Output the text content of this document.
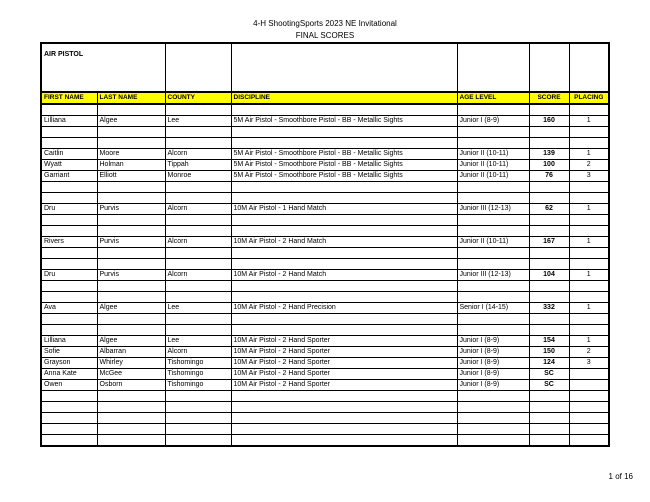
4-H ShootingSports 2023 NE Invitational
FINAL SCORES
AIR PISTOL						
FIRST NAME	LAST NAME	COUNTY	DISCIPLINE	AGE LEVEL	SCORE	PLACING

Lilliana	Algee	Lee	5M Air Pistol - Smoothbore Pistol - BB - Metallic Sights	Junior I (8-9)	160	1

Caitlin	Moore	Alcorn	5M Air Pistol - Smoothbore Pistol - BB - Metallic Sights	Junior II (10-11)	139	1
Wyatt	Holman	Tippah	5M Air Pistol - Smoothbore Pistol - BB - Metallic Sights	Junior II (10-11)	100	2
Garriant	Elliott	Monroe	5M Air Pistol - Smoothbore Pistol - BB - Metallic Sights	Junior II (10-11)	76	3

Dru	Purvis	Alcorn	10M Air Pistol - 1 Hand Match	Junior III (12-13)	62	1

Rivers	Purvis	Alcorn	10M Air Pistol - 2 Hand Match	Junior II (10-11)	167	1

Dru	Purvis	Alcorn	10M Air Pistol - 2 Hand Match	Junior III (12-13)	104	1

Ava	Algee	Lee	10M Air Pistol - 2 Hand Precision	Senior I (14-15)	332	1

Lilliana	Algee	Lee	10M Air Pistol - 2 Hand Sporter	Junior I (8-9)	154	1
Sofie	Albarran	Alcorn	10M Air Pistol - 2 Hand Sporter	Junior I (8-9)	150	2
Grayson	Whirley	Tishomingo	10M Air Pistol - 2 Hand Sporter	Junior I (8-9)	124	3
Anna Kate	McGee	Tishomingo	10M Air Pistol - 2 Hand Sporter	Junior I (8-9)	SC	
Owen	Osborn	Tishomingo	10M Air Pistol - 2 Hand Sporter	Junior I (8-9)	SC	

1 of 16
